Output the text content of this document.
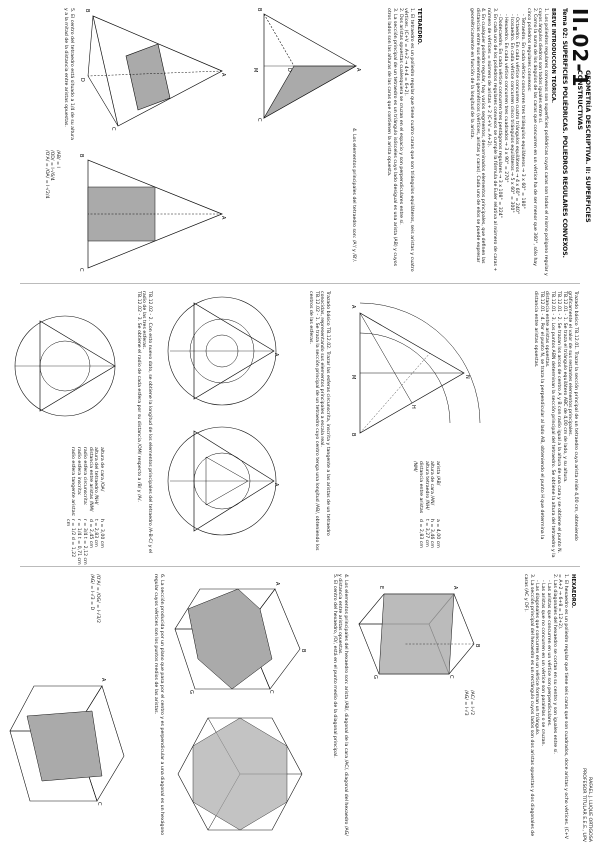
II.02-1
GEOMETRÍA DESCRIPTIVA. II: SUPERFICIES CONSTRUCTIVAS
Tema 02: SUPERFICIES POLIÉDRICAS. POLIEDROS REGULARES CONVEXOS.
BREVE INTRODUCCIÓN TEÓRICA.
1. Los poliedros regulares convexos son superficies poliédricas cuyas caras son todas el mismo polígono regular y cuyos ángulos diedros son todos iguales entre sí.
2. Como la suma de los ángulos de las caras que concurren en un vértice ha de ser menor que 360°, sólo hay cinco poliedros regulares convexos:
- Tetraedro. En cada vértice concurren tres triángulos equiláteros → 3 x 60° = 180°
- Octaedro. En cada vértice concurren cuatro triángulos equiláteros → 4 x 60° = 240°
- Icosaedro. En cada vértice concurren cinco triángulos equiláteros → 5 x 60° = 300°
- Hexaedro. En cada vértice concurren tres cuadrados → 3 x 90° = 270°
- Dodecaedro. En cada vértice concurren tres pentágonos regulares → 3 x 108° = 324°
3. En cada uno de los poliedros regulares convexos se cumple la fórmula de Euler relativa al número de caras + número de vértices = número de aristas + 2 (C+V = A+2).
4. En cualquier poliedro regular, hay varios segmentos, denominados elementos principales, que definen las distancias entre sus elementos geométricos (vértices, aristas y caras). Cada uno de ellos se puede expresar geométricamente en función de la longitud de la arista.
TETRAEDRO.
1. El tetraedro es un poliedro regular que tiene cuatro caras que son triángulos equiláteros, seis aristas y cuatro vértices. (C+V = A+2 → 4+4 = 6+2).
2. Dos aristas opuestas cualesquiera se cruzan en el espacio y son perpendiculares entre sí.
3. La sección principal de un tetraedro es un triángulo isósceles cuyo lado desigual es una arista (AB) y cuyos otros lados son las alturas de las caras que contienen la arista opuesta.
A
B
C
D
M
4. Los elementos principales del tetraedro son: /A'/ y /B'/.
A
B
C
D
A
B
C
5. El centro del tetraedro está situado a 1/4 de su altura y a la mitad de la distancia entre aristas opuestas.
/AB/ = l
/OD/ = l·√6/4
/O'A/ = /OA/ = l·√2/4
Trazado básico TB.12.01. Trazar la sección principal de un tetraedro cuya arista mide 4,00 cm, obteniendo gráficamente el valor de sus restantes elementos principales.
TB.12.01 - 1. Se traza el triángulo equilátero ABC de 4,00 cm de lado, y su altura.
TB.12.01 - 2. Se trazan los arcos de centro A y B con radio igual a la altura de una cara y se obtiene el punto N.
TB.12.01 - 3. Los puntos ABN determinan la sección principal del tetraedro. Se obtiene la altura del tetraedro y la distancia entre aristas opuestas.
TB.12.01 - 4. Por el punto N, se traza la perpendicular al lado AB, obteniendo el punto H que determina la distancia entre aristas opuestas.
A
B
N
M
H
arista /AB/
altura de cara /AN/
altura tetraedro /NH/
distancia entre aristas /NM/
a = 4,00 cm
h = 3,46 cm
t = 3,27 cm
d = 2,83 cm
Trazado básico TB.12.02. Trazar las esferas circunscrita, inscrita y tangente a las aristas de un tetraedro conocidas, representando sus elementos principales a escala real.
TB.12.02 - 1. Se traza la sección principal de un tetraedro cuyo centro tenga una longitud /AB/, obteniendo los centros de las esferas.
A
A
TB.12.02 - 2. Con esto nuevo dato, se obtiene la longitud de los elementos principales del tetraedro /A-B-C/ y el radio de las tres esferas.
TB.12.02 - 3. Se obtiene el radio de cada esfera por su distancia /OM/ respecto a /B/ y /A/.
altura de cara /OA/
altura del tetraedro /NH/
distancia entre aristas /NM/
radio esfera circunscrita:
radio esfera inscrita:
radio esfera tangente aristas:
h = 3,00 cm
t = 2,83 cm
d = 2,45 cm
r = 3/4 t = 2,12 cm
r = 1/4 t = 0,71 cm
r = 1/2 d = 1,22 cm
RAFAEL J. LUQUE ORTIGOSA
PROFESOR TITULAR E.E.E., UPV
HEXAEDRO.
1. El hexaedro es un poliedro regular que tiene seis caras que son cuadrados, doce aristas y ocho vértices. (C+V = A+2 → 6+8 = 12+2).
2. Las diagonales del hexaedro se cortan en su centro y son iguales entre sí.
- Las aristas que concurren en un vértice son perpendiculares.
- Las aristas que no concurren en un vértice son paralelas o se cruzan.
- Las diagonales que concurren en un vértice forman un triángulo.
3. La sección principal del hexaedro es un rectángulo cuyos lados son dos aristas opuestas y dos diagonales de caras (AC y DF).
A
B
C
E
G
/AC/ = l·√2
/AG/ = l·√3
4. Los elementos principales del hexaedro son: arista /AB/, diagonal de la cara /AC/, diagonal del hexaedro /AG/ y distancia entre aristas opuestas.
5. El centro del hexaedro, /O/, está en el punto medio de la diagonal principal.
A
B
C
G
6. La sección producida por un plano que pasa por el centro y es perpendicular a una diagonal es un hexágono regular cuyos vértices son los puntos medios de las aristas.
A
C
/O'A/ = /OG/ = l·√3/2
/AG/ = l·√3 = D
